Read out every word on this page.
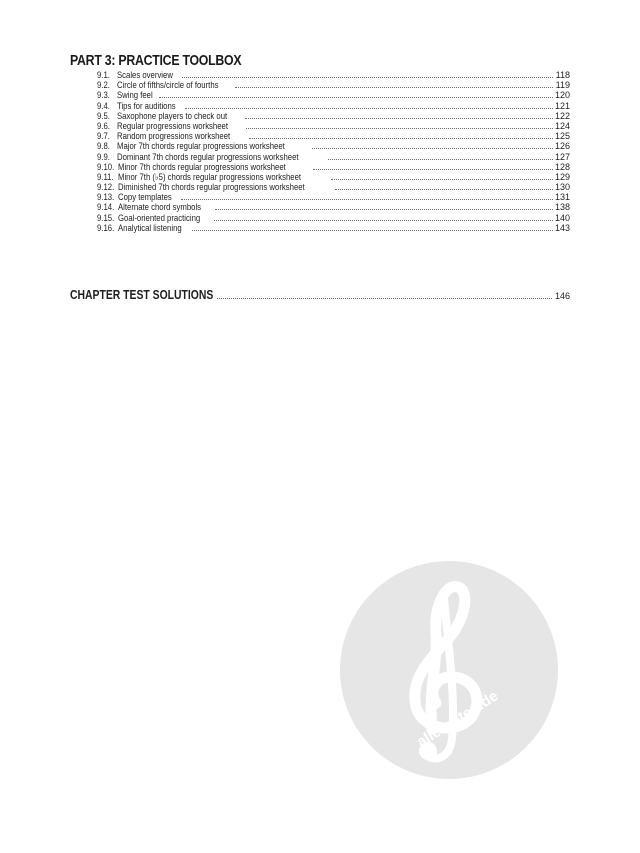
PART 3: PRACTICE TOOLBOX
9.1. Scales overview	118
9.2. Circle of fifths/circle of fourths	119
9.3. Swing feel	120
9.4. Tips for auditions	121
9.5. Saxophone players to check out	122
9.6. Regular progressions worksheet	124
9.7. Random progressions worksheet	125
9.8. Major 7th chords regular progressions worksheet	126
9.9. Dominant 7th chords regular progressions worksheet	127
9.10. Minor 7th chords regular progressions worksheet	128
9.11. Minor 7th (♭5) chords regular progressions worksheet	129
9.12. Diminished 7th chords regular progressions worksheet	130
9.13. Copy templates	131
9.14. Alternate chord symbols	138
9.15. Goal-oriented practicing	140
9.16. Analytical listening	143
CHAPTER TEST SOLUTIONS	146
alle-noten.de
